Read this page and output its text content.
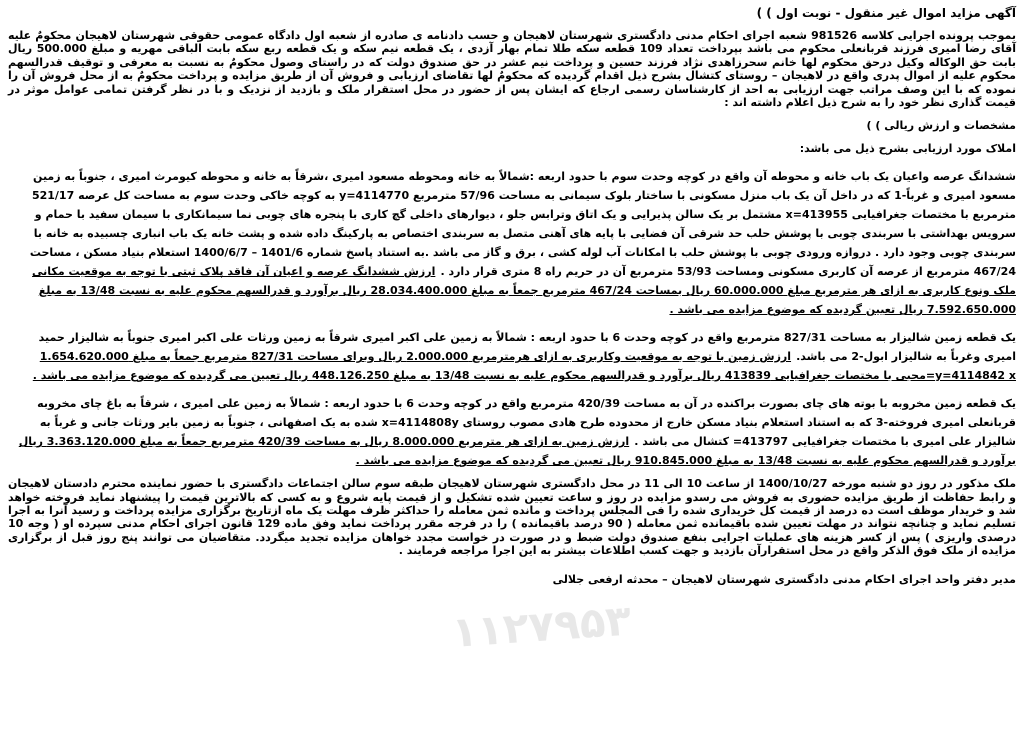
آگهی مزاید اموال غیر منقول - نوبت اول ) )

بموجب پرونده اجرایی کلاسه 981526 شعبه اجرای احکام مدنی دادگستری شهرستان لاهیجان و حسب دادنامه ی صادره از شعبه اول دادگاه عمومی حقوقی شهرستان لاهیجان محکومٌ علیه آقای رضا امیری فرزند قربانعلی محکوم می باشد بپرداخت تعداد 109 قطعه سکه طلا تمام بهار آزدی ، یک قطعه نیم سکه و یک قطعه ربع سکه بابت الباقی مهریه و مبلغ 500.000 ریال بابت حق الوکاله وکیل درحق محکوم لها خانم سحرزاهدی نژاد فرزند حسین و پرداخت نیم عشر در حق صندوق دولت که در راستای وصول محکومٌ به نسبت به معرفی و توقیف قدرالسهم محکوم علیه از اموال پدری واقع در لاهیجان – روستای کتشال بشرح ذیل اقدام گردیده که محکومٌ لها تقاضای ارزیابی و فروش آن از طریق مزایده و پرداخت محکومٌ به از محل فروش آن را نموده که با این وصف مراتب جهت ارزیابی به احد از کارشناسان رسمی ارجاع که ایشان پس از حضور در محل استقرار ملک و بازدید از نزدیک و با در نظر گرفتن تمامی عوامل موثر در قیمت گذاری نظر خود را به شرح ذیل اعلام داشته اند :

مشخصات و ارزش ریالی ) )

املاک مورد ارزیابی بشرح ذیل می باشد:

ششدانگ عرصه واعیان یک باب خانه و محوطه آن واقع در کوچه وحدت سوم با حدود اربعه :شمالاً به خانه ومحوطه مسعود امیری ،شرقاً به خانه و محوطه کیومرث امیری ، جنوباً به زمین مسعود امیری و غرباً-1 که در داخل آن یک باب منزل مسکونی با ساختار بلوک سیمانی به مساحت 57/96 مترمربع 4114770=y به کوچه خاکی وحدت سوم به مساحت کل عرصه 521/17 مترمربع با مختصات جغرافیایی 413955=x مشتمل بر یک سالن پذیرایی و یک اتاق وترابس جلو ، دیوارهای داخلی گچ کاری با پنجره های چوبی نما سیمانکاری با سیمان سفید با حمام و سرویس بهداشتی با سربندی چوبی با پوشش حلب حد شرقی آن فضایی با پایه های آهنی متصل به سربندی اختصاص به پارکینگ داده شده و پشت خانه یک باب انباری چسبیده به خانه با سربندی چوبی وجود دارد . دروازه ورودی چوبی با پوشش حلب با امکانات آب لوله کشی ، برق و گاز می باشد .به استناد پاسخ شماره 1401/6 – 1400/6/7 استعلام بنیاد مسکن ، مساحت 467/24 مترمربع از عرصه آن کاربری مسکونی ومساحت 53/93 مترمربع آن در حریم راه 8 متری قرار دارد . ارزش ششدانگ عرصه و اعیان آن فاقد پلاک ثبتی با توجه به موقعیت مکانی ملک ونوع کاربری به ازای هر مترمربع مبلغ 60.000.000 ریال بمساحت 467/24 مترمربع جمعاً به مبلغ 28.034.400.000 ریال برآورد و قدرالسهم محکوم علیه به نسبت 13/48 به مبلغ 7.592.650.000 ریال تعیین گردیده که موضوع مزایده می باشد .
یک قطعه زمین شالیزار به مساحت 827/31 مترمربع واقع در کوچه وحدت 6 با حدود اربعه : شمالاً به زمین علی اکبر امیری شرقاً به زمین ورثات علی اکبر امیری جنوباً به شالیزار حمید امیری وغرباً به شالیزار ابول-2 می باشد. ارزش زمین با توجه به موقعیت وکاربری به ازای هرمترمربع 2.000.000 ریال وبرای مساحت 827/31 مترمربع جمعاً به مبلغ 1.654.620.000 y=4114842 x=محبی با مختصات جغرافیایی 413839 ریال برآورد و قدرالسهم محکوم علیه به نسبت 13/48 به مبلغ 448.126.250 ریال تعیین می گردیده که موضوع مزایده می باشد .
یک قطعه زمین مخروبه با بوته های چای بصورت براکنده در آن به مساحت 420/39 مترمربع واقع در کوچه وحدت 6 با حدود اربعه : شمالاً به زمین علی امیری ، شرقاً به باغ چای مخروبه قربانعلی امیری فروخته-3 که به استناد استعلام بنیاد مسکن خارج از محدوده طرح هادی مصوب روستای x=4114808y شده به یک اصفهانی ، جنوباً به زمین بایر ورثات جانی و غرباً به شالیزار علی امیری با مختصات جغرافیایی 413797= کتشال می باشد . ارزش زمین به ازای هر مترمربع 8.000.000 ریال به مساحت 420/39 مترمربع جمعاً به مبلغ 3.363.120.000 ریال برآورد و قدرالسهم محکوم علیه به نسبت 13/48 به مبلغ 910.845.000 ریال تعیین می گردیده که موضوع مزایده می باشد .

ملک مذکور در روز دو شنبه مورخه 1400/10/27 از ساعت 10 الی 11 در محل دادگستری شهرستان لاهیجان طبقه سوم سالن اجتماعات دادگستری با حضور نماینده محترم دادستان لاهیجان و رابط حفاظت از طریق مزایده حضوری به فروش می رسدو مزایده در روز و ساعت تعیین شده تشکیل و از قیمت پایه شروع و به کسی که بالاترین قیمت را پیشنهاد نماید فروخته خواهد شد و خریدار موظف است ده درصد از قیمت کل خریداری شده را فی المجلس پرداخت و مانده ثمن معامله را حداکثر ظرف مهلت یک ماه ازتاریخ برگزاری مزایده پرداخت و رسید آنرا به اجرا تسلیم نماید و چنانچه نتواند در مهلت تعیین شده باقیمانده ثمن معامله ( 90 درصد باقیمانده ) را در فرجه مقرر پرداخت نماید وفق ماده 129 قانون اجرای احکام مدنی سپرده او ( وجه 10 درصدی واریزی ) پس از کسر هزینه های عملیات اجرایی بنفع صندوق دولت ضبط و در صورت در خواست مجدد خواهان مزایده تجدید میگردد. متقاضیان می توانند پنج روز قبل از برگزاری مزایده از ملک فوق الذکر واقع در محل استقرارآن بازدید و جهت کسب اطلاعات بیشتر به این اجرا مراجعه فرمایند .

مدیر دفتر واحد اجرای احکام مدنی دادگستری شهرستان لاهیجان – محدثه ارفعی جلالی

۱۱۲۷۹۵۳
